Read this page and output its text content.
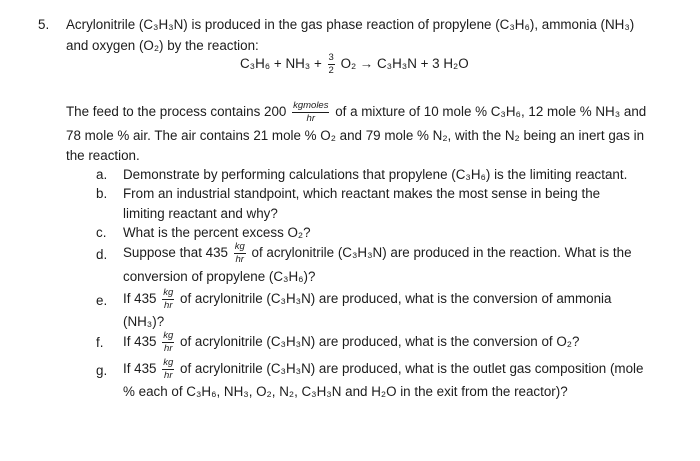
5. Acrylonitrile (C₃H₃N) is produced in the gas phase reaction of propylene (C₃H₆), ammonia (NH₃)
and oxygen (O₂) by the reaction:
$C_3H_6 + NH_3 + \frac{3}{2} O_2 \to C_3H_3N + 3$ H₂O
The feed to the process contains $200 \frac{\text{kgmoles}}{hr}$ of a mixture of 10 mole % C₃H₆, 12 mole % NH₃ and
78 mole % air. The air contains 21 mole % O₂ and 79 mole % N₂, with the N₂ being an inert gas in
the reaction.
a. Demonstrate by performing calculations that propylene (C₃H₆) is the limiting reactant.
b. From an industrial standpoint, which reactant makes the most sense in being the
limiting reactant and why?
c. What is the percent excess O₂?
d. Suppose that $435 \frac{kg}{hr}$ of acrylonitrile (C₃H₃N) are produced in the reaction. What is the
conversion of propylene (C₃H₆)?
e. If $435 \frac{kg}{hr}$ of acrylonitrile (C₃H₃N) are produced, what is the conversion of ammonia
(NH₃)?
f. If $435 \frac{kg}{hr}$ of acrylonitrile (C₃H₃N) are produced, what is the conversion of O₂?
g. If $435 \frac{kg}{hr}$ of acrylonitrile (C₃H₃N) are produced, what is the outlet gas composition (mole
% each of C₃H₆, NH₃, O₂, N₂, C₃H₃N and H₂O in the exit from the reactor)?
